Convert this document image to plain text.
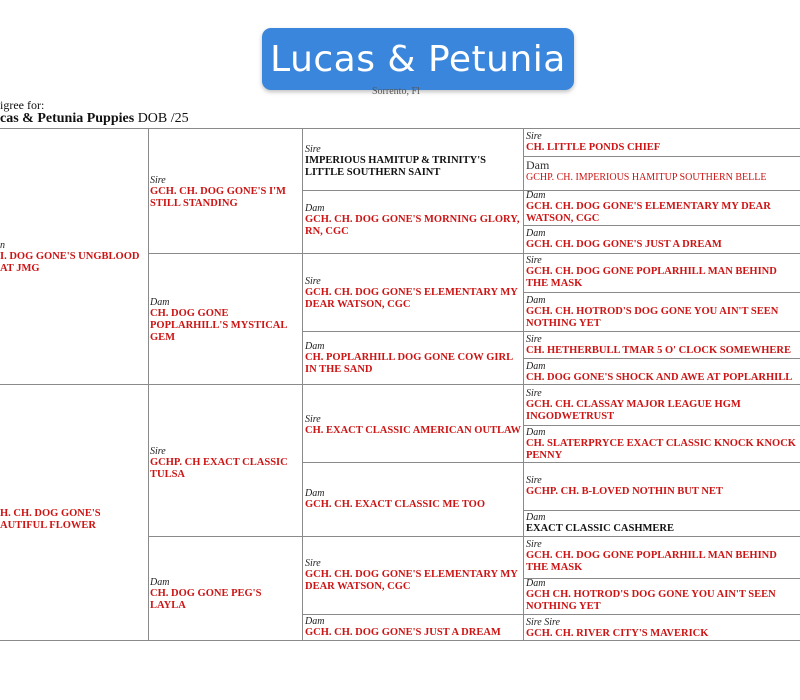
Lucas & Petunia
Sorrento, Fl
igree for:
cas & Petunia Puppies DOB /25
n
I. DOG GONE'S UNGBLOOD AT JMG
H. CH. DOG GONE'S AUTIFUL FLOWER
Sire
GCH. CH. DOG GONE'S I'M STILL STANDING
Dam
CH. DOG GONE POPLARHILL'S MYSTICAL GEM
Sire
GCHP. CH EXACT CLASSIC TULSA
Dam
CH. DOG GONE PEG'S LAYLA
Sire
IMPERIOUS HAMITUP & TRINITY'S LITTLE SOUTHERN SAINT
Dam
GCH. CH. DOG GONE'S MORNING GLORY, RN, CGC
Sire
GCH. CH. DOG GONE'S ELEMENTARY MY DEAR WATSON, CGC
Dam
CH. POPLARHILL DOG GONE COW GIRL IN THE SAND
Sire
CH. EXACT CLASSIC AMERICAN OUTLAW
Dam
GCH. CH. EXACT CLASSIC ME TOO
Sire
GCH. CH. DOG GONE'S ELEMENTARY MY DEAR WATSON, CGC
Dam
GCH. CH. DOG GONE'S JUST A DREAM
Sire
CH. LITTLE PONDS CHIEF
Dam
GCHP. CH. IMPERIOUS HAMITUP SOUTHERN BELLE
Dam
GCH. CH. DOG GONE'S ELEMENTARY MY DEAR WATSON, CGC
Dam
GCH. CH. DOG GONE'S JUST A DREAM
Sire
GCH. CH. DOG GONE POPLARHILL MAN BEHIND THE MASK
Dam
GCH. CH. HOTROD'S DOG GONE YOU AIN'T SEEN NOTHING YET
Sire
CH. HETHERBULL TMAR 5 O' CLOCK SOMEWHERE
Dam
CH. DOG GONE'S SHOCK AND AWE AT POPLARHILL
Sire
GCH. CH. CLASSAY MAJOR LEAGUE HGM INGODWETRUST
Dam
CH. SLATERPRYCE EXACT CLASSIC KNOCK KNOCK PENNY
Sire
GCHP. CH. B-LOVED NOTHIN BUT NET
Dam
EXACT CLASSIC CASHMERE
Sire
GCH. CH. DOG GONE POPLARHILL MAN BEHIND THE MASK
Dam
GCH CH. HOTROD'S DOG GONE YOU AIN'T SEEN NOTHING YET
Sire Sire
GCH. CH. RIVER CITY'S MAVERICK
